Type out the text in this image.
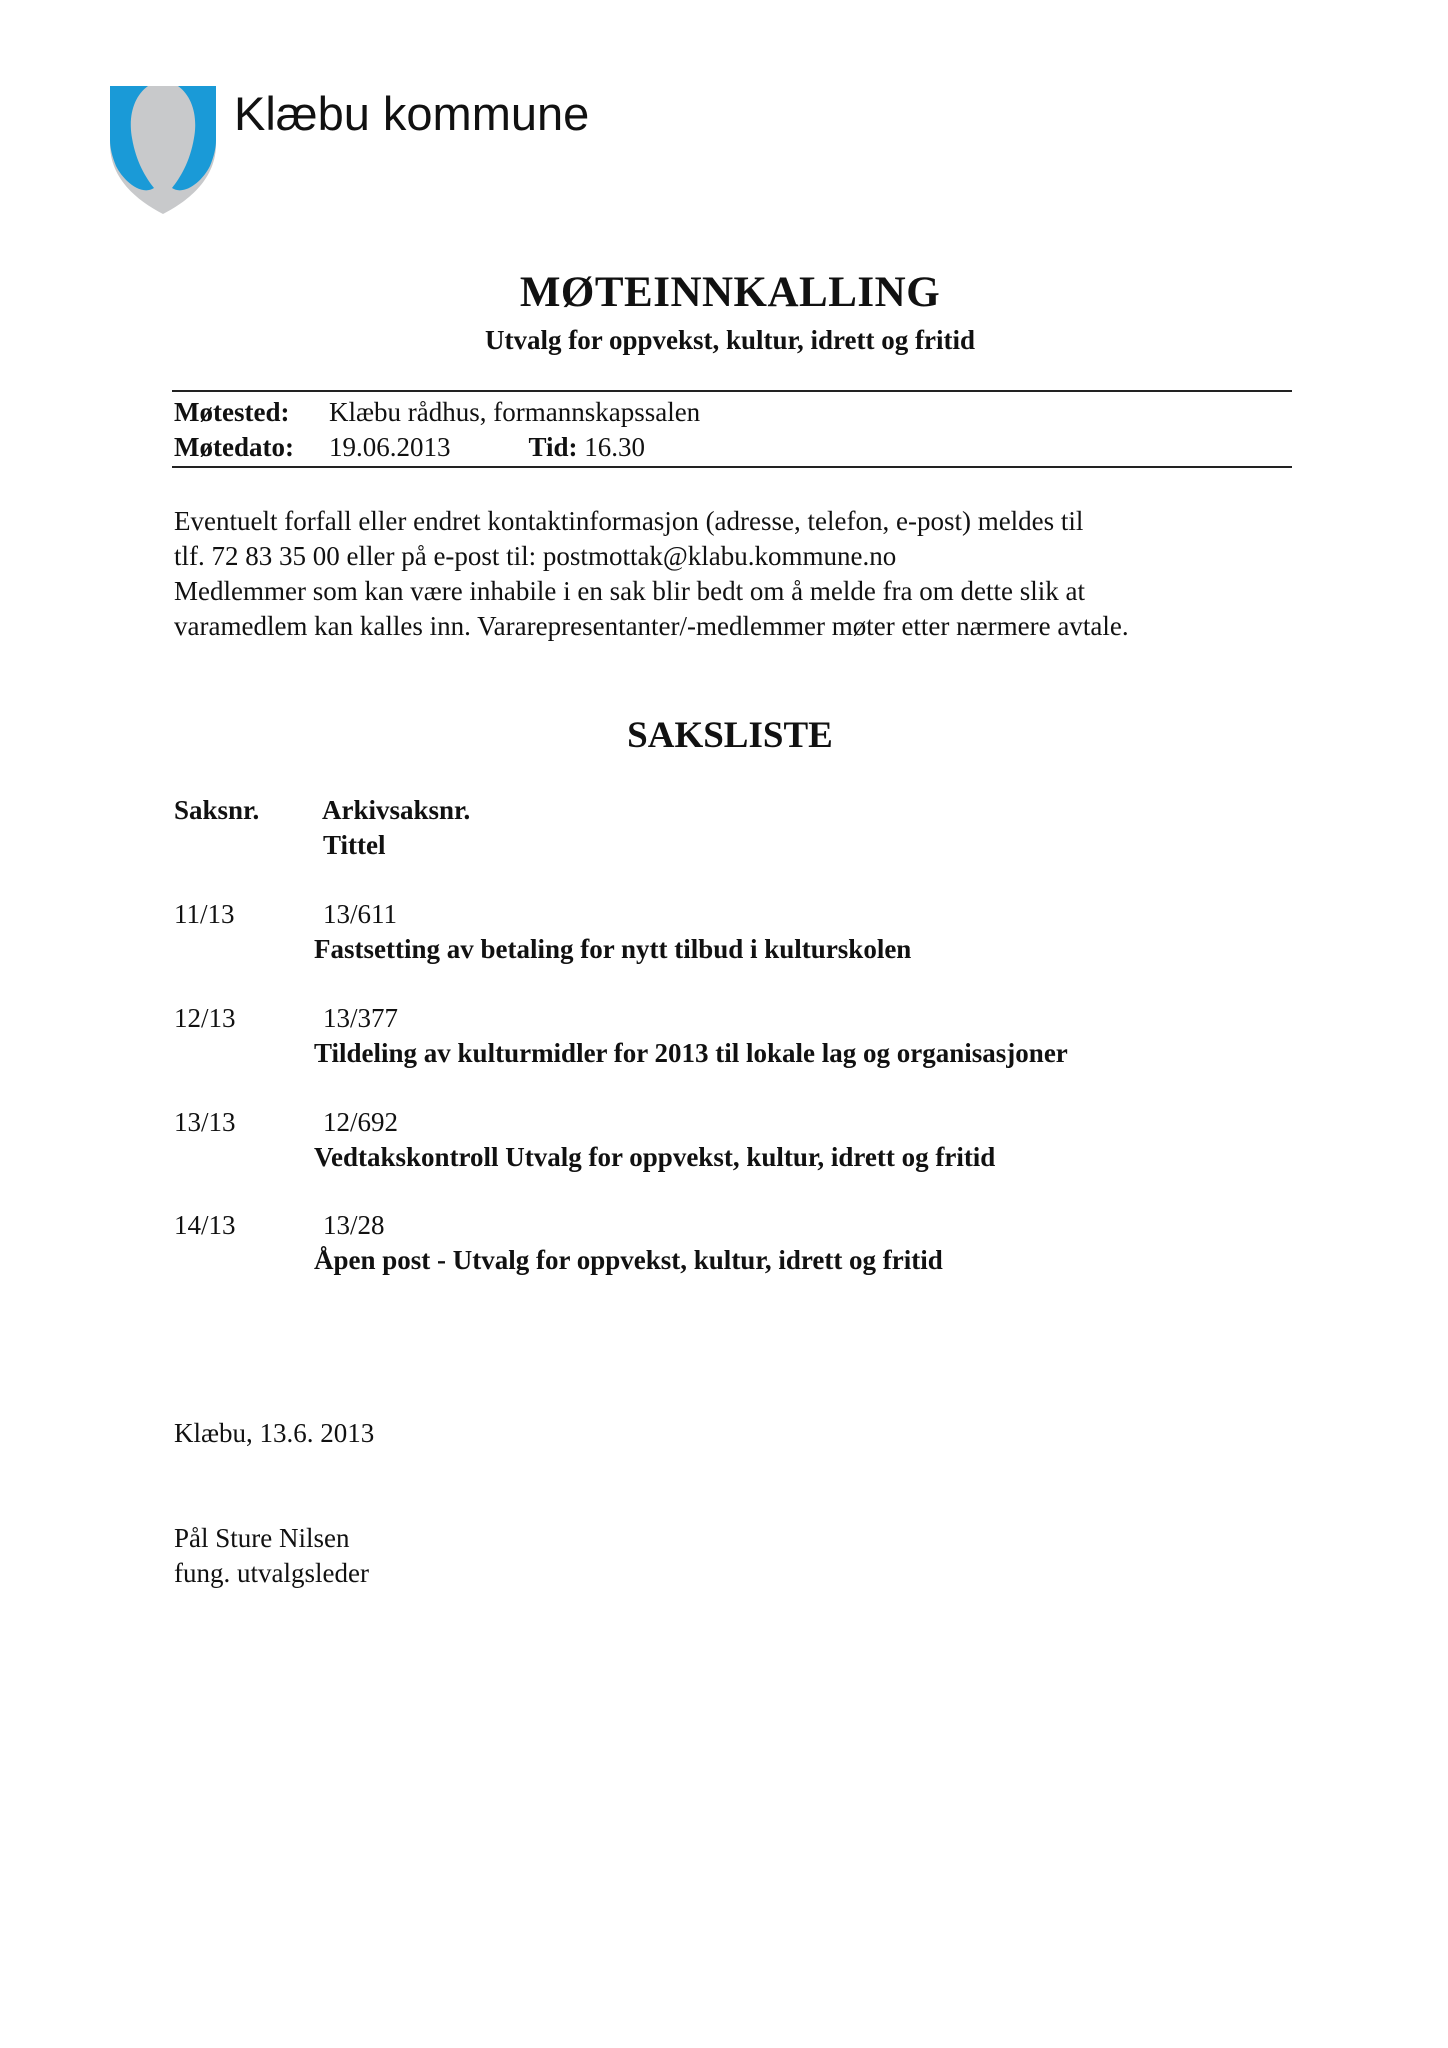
Klæbu kommune
MØTEINNKALLING
Utvalg for oppvekst, kultur, idrett og fritid
Møtested: Klæbu rådhus, formannskapssalen
Møtedato: 19.06.2013	Tid: 16.30
Eventuelt forfall eller endret kontaktinformasjon (adresse, telefon, e-post) meldes til
tlf. 72 83 35 00 eller på e-post til: postmottak@klabu.kommune.no
Medlemmer som kan være inhabile i en sak blir bedt om å melde fra om dette slik at
varamedlem kan kalles inn. Vararepresentanter/-medlemmer møter etter nærmere avtale.
SAKSLISTE
Saksnr. Arkivsaksnr.
Tittel
11/13	13/611
Fastsetting av betaling for nytt tilbud i kulturskolen
12/13	13/377
Tildeling av kulturmidler for 2013 til lokale lag og organisasjoner
13/13	12/692
Vedtakskontroll Utvalg for oppvekst, kultur, idrett og fritid
14/13	13/28
Åpen post - Utvalg for oppvekst, kultur, idrett og fritid
Klæbu, 13.6. 2013
Pål Sture Nilsen
fung. utvalgsleder
